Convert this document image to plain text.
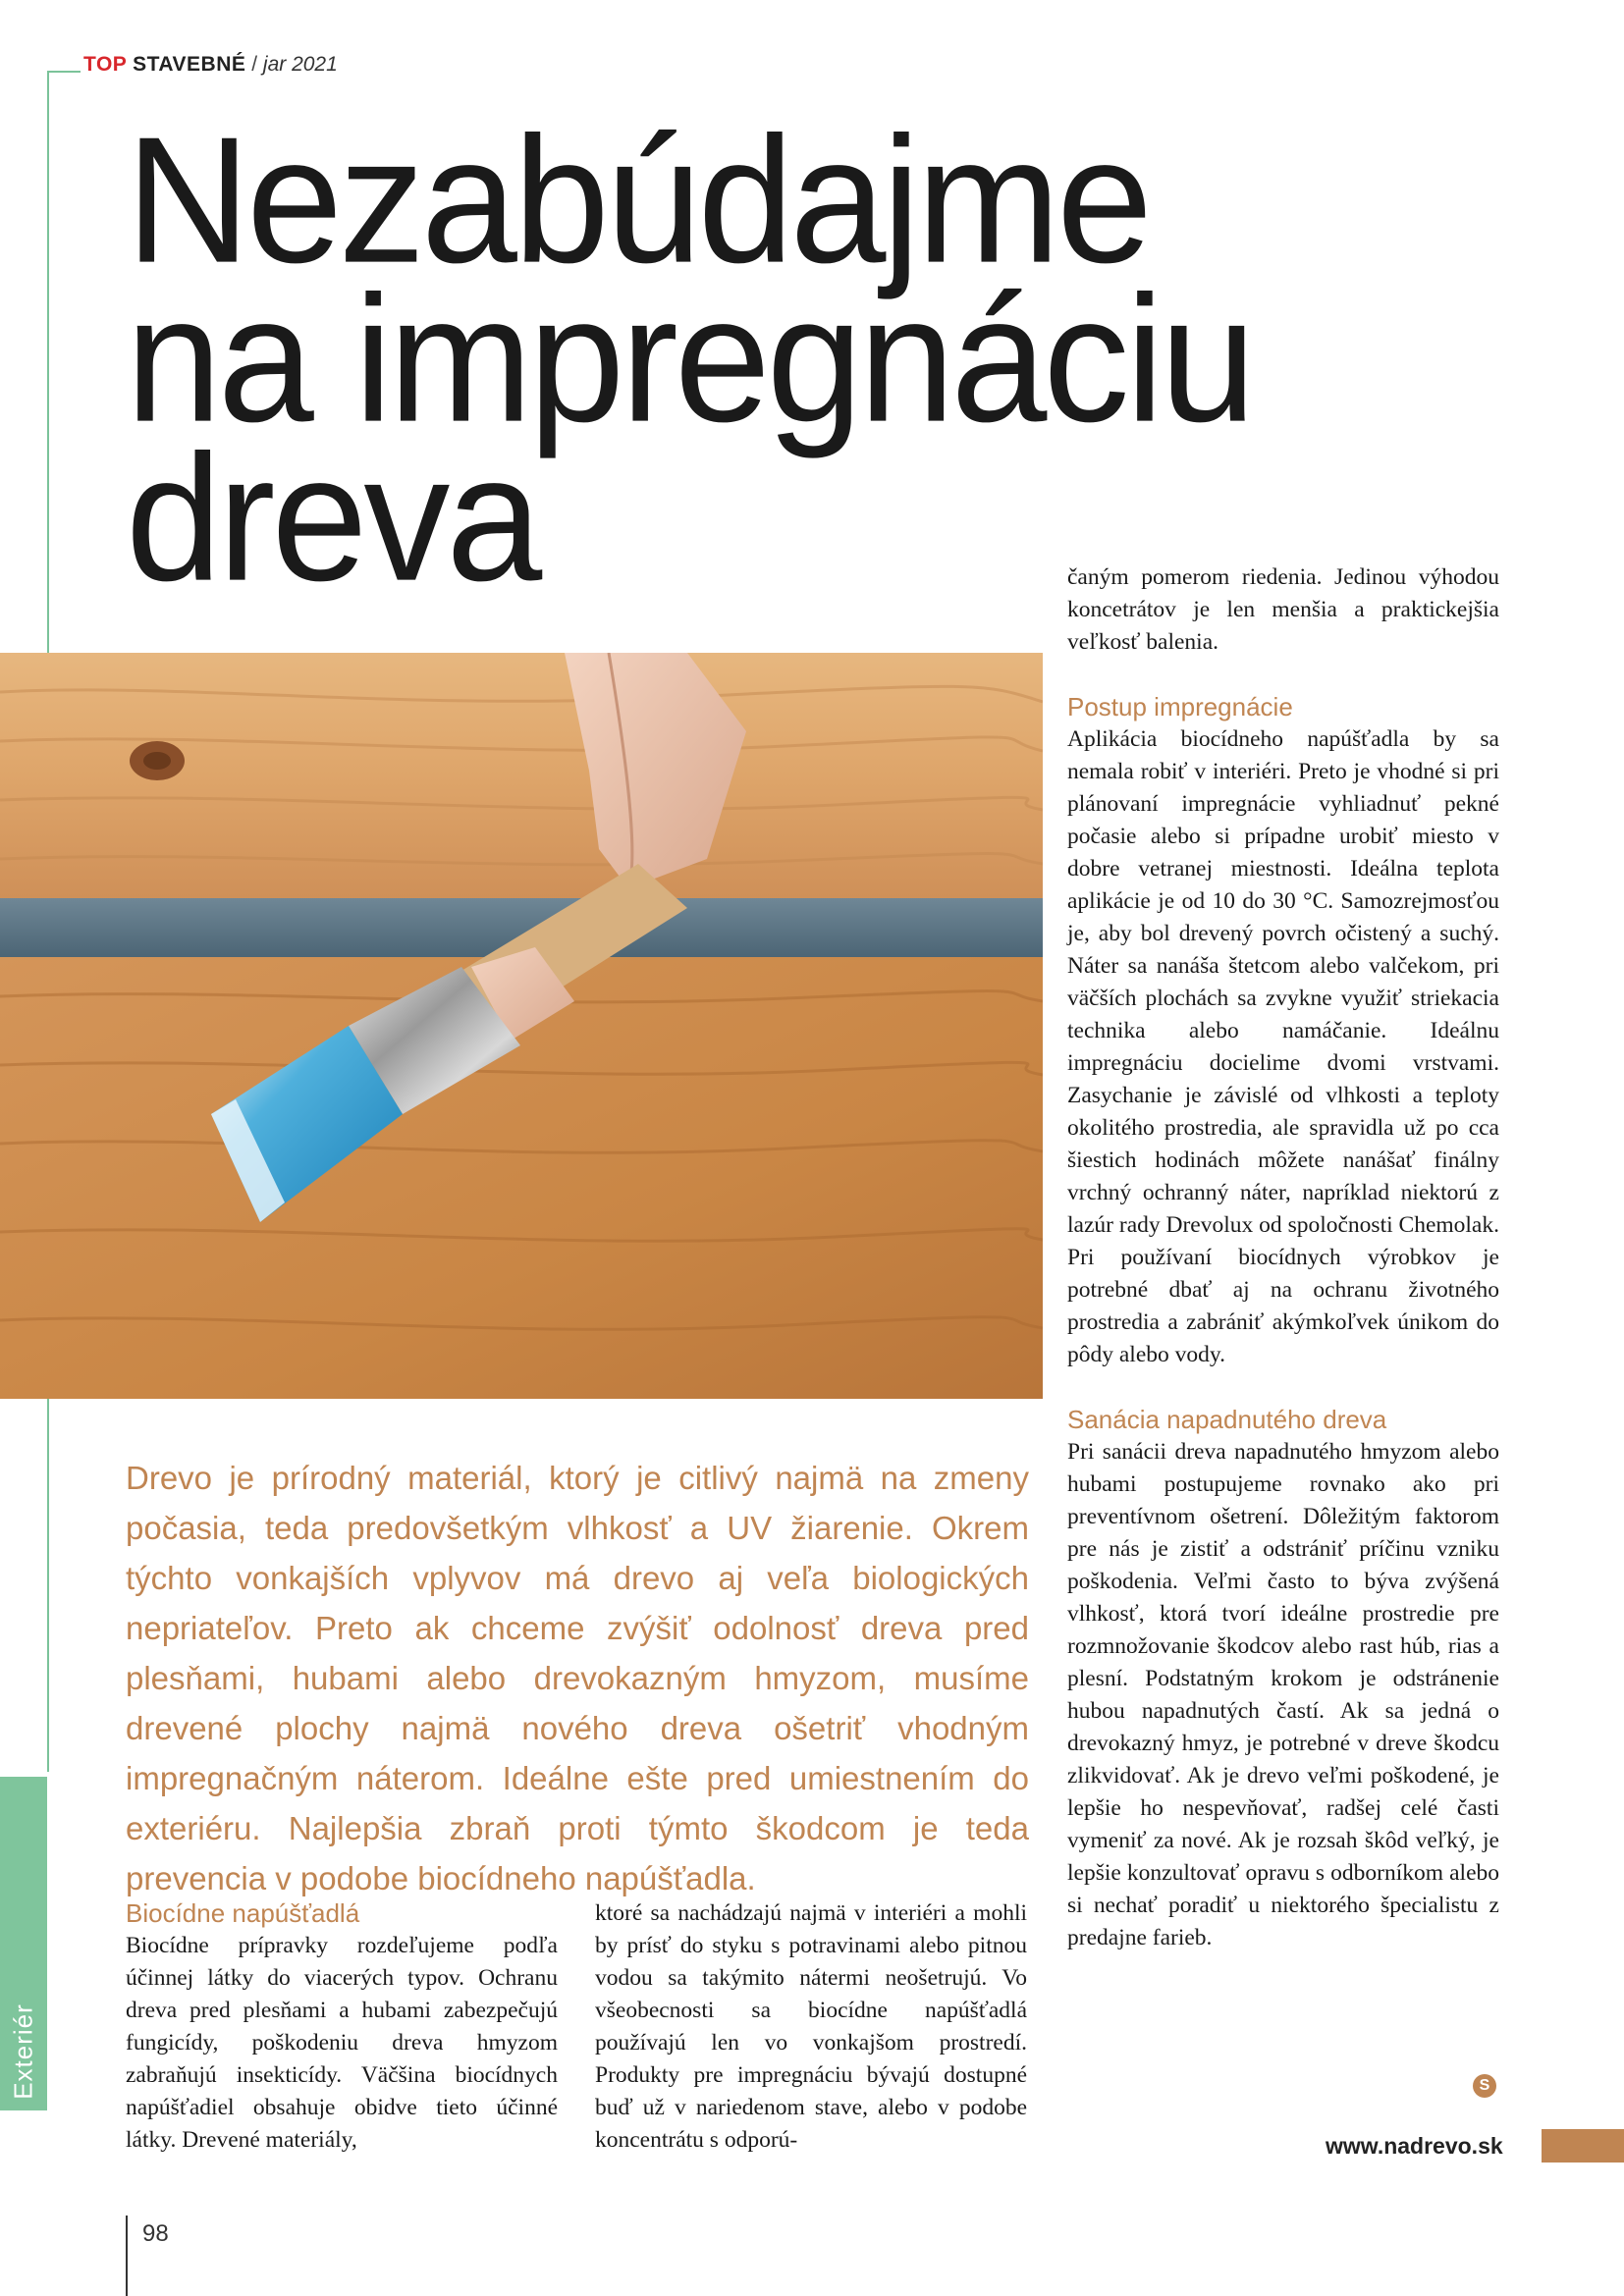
TOP STAVEBNÉ / jar 2021
Nezabúdajme
na impregnáciu
dreva
Drevo je prírodný materiál, ktorý je citlivý najmä na zmeny počasia, teda predovšetkým vlhkosť a UV žiarenie. Okrem týchto vonkajších vplyvov má drevo aj veľa biologických nepriateľov. Preto ak chceme zvýšiť odolnosť dreva pred plesňami, hubami alebo drevokazným hmyzom, musíme drevené plochy najmä nového dreva ošetriť vhodným impregnačným náterom. Ideálne ešte pred umiestnením do exteriéru. Najlepšia zbraň proti týmto škodcom je teda prevencia v podobe biocídneho napúšťadla.

Biocídne napúšťadlá

Biocídne prípravky rozdeľujeme podľa účinnej látky do viacerých typov. Ochranu dreva pred plesňami a hubami zabezpečujú fungicídy, poškodeniu dreva hmyzom zabraňujú insekticídy. Väčšina biocídnych napúšťadiel obsahuje obidve tieto účinné látky. Drevené materiály,

ktoré sa nachádzajú najmä v interiéri a mohli by prísť do styku s potravinami alebo pitnou vodou sa takýmito nátermi neošetrujú. Vo všeobecnosti sa biocídne napúšťadlá používajú len vo vonkajšom prostredí. Produkty pre impregnáciu bývajú dostupné buď už v nariedenom stave, alebo v podobe koncentrátu s odporú-

čaným pomerom riedenia. Jedinou výhodou koncetrátov je len menšia a praktickejšia veľkosť balenia.

Postup impregnácie

Aplikácia biocídneho napúšťadla by sa nemala robiť v interiéri. Preto je vhodné si pri plánovaní impregnácie vyhliadnuť pekné počasie alebo si prípadne urobiť miesto v dobre vetranej miestnosti. Ideálna teplota aplikácie je od 10 do 30 °C. Samozrejmosťou je, aby bol drevený povrch očistený a suchý. Náter sa nanáša štetcom alebo valčekom, pri väčších plochách sa zvykne využiť striekacia technika alebo namáčanie. Ideálnu impregnáciu docielime dvomi vrstvami. Zasychanie je závislé od vlhkosti a teploty okolitého prostredia, ale spravidla už po cca šiestich hodinách môžete nanášať finálny vrchný ochranný náter, napríklad niektorú z lazúr rady Drevolux od spoločnosti Chemolak. Pri používaní biocídnych výrobkov je potrebné dbať aj na ochranu životného prostredia a zabrániť akýmkoľvek únikom do pôdy alebo vody.

Sanácia napadnutého dreva

Pri sanácii dreva napadnutého hmyzom alebo hubami postupujeme rovnako ako pri preventívnom ošetrení. Dôležitým faktorom pre nás je zistiť a odstrániť príčinu vzniku poškodenia. Veľmi často to býva zvýšená vlhkosť, ktorá tvorí ideálne prostredie pre rozmnožovanie škodcov alebo rast húb, rias a plesní. Podstatným krokom je odstránenie hubou napadnutých častí. Ak sa jedná o drevokazný hmyz, je potrebné v dreve škodcu zlikvidovať. Ak je drevo veľmi poškodené, je lepšie ho nespevňovať, radšej celé časti vymeniť za nové. Ak je rozsah škôd veľký, je lepšie konzultovať opravu s odborníkom alebo si nechať poradiť u niektorého špecialistu z predajne farieb.

S
Exteriér
www.nadrevo.sk
98
